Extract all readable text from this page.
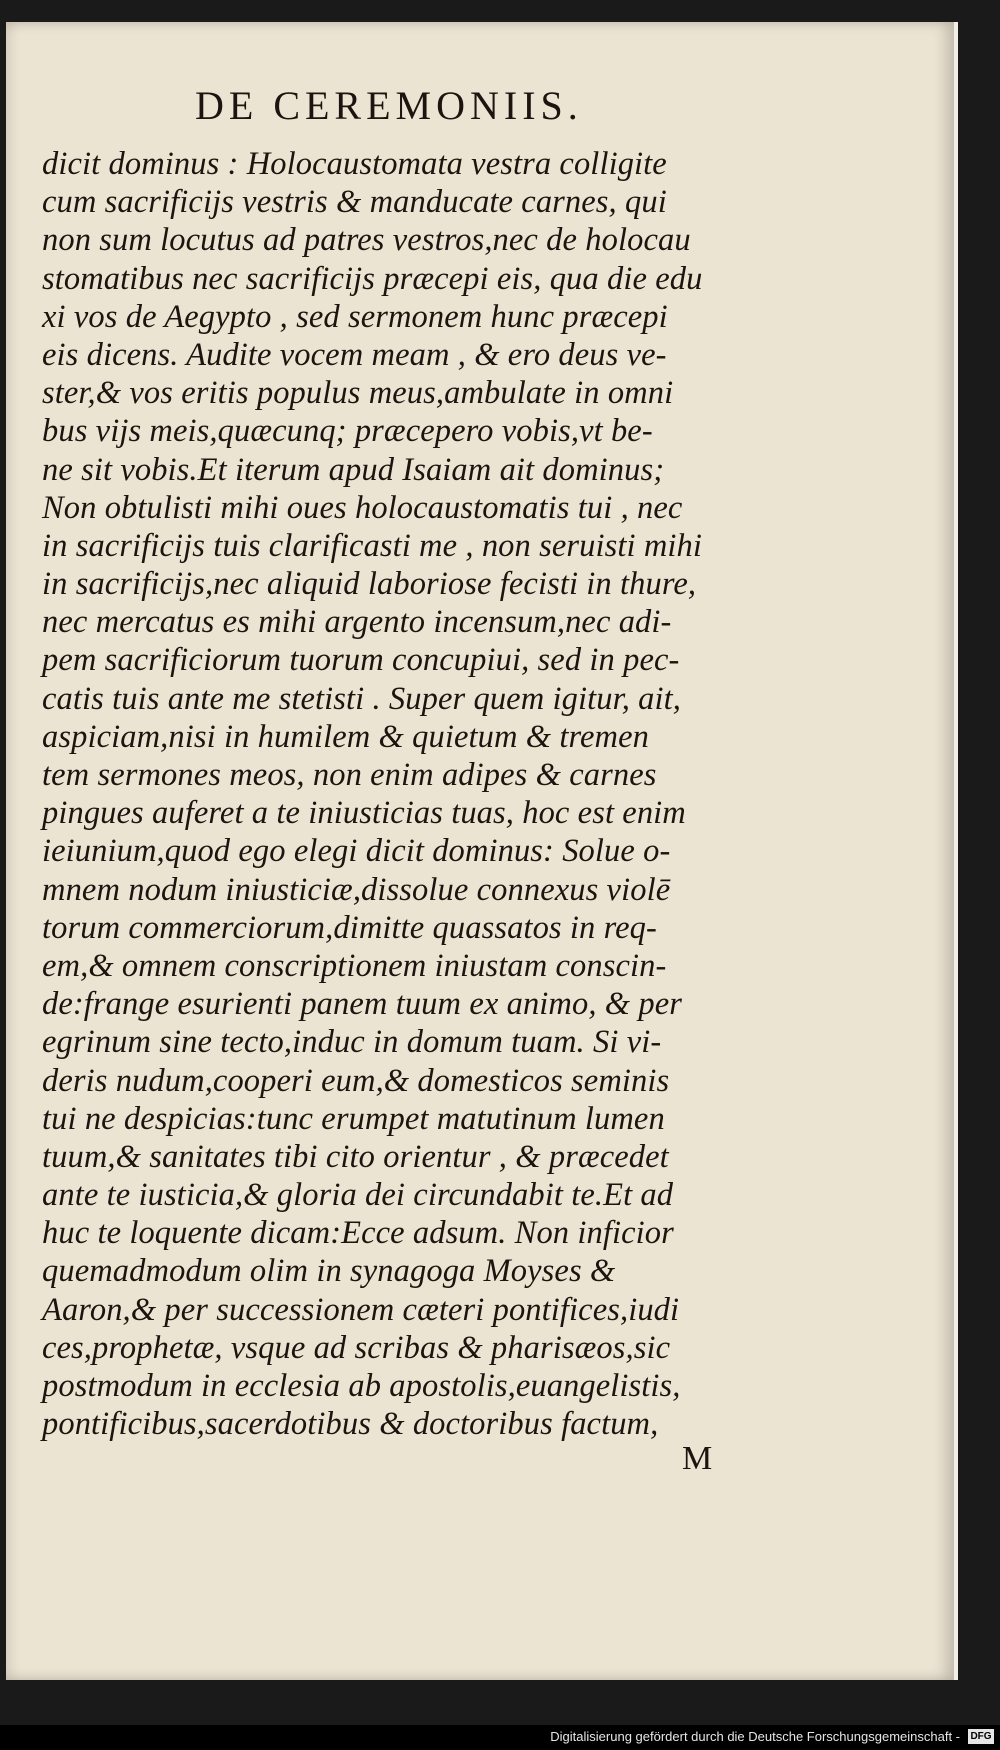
DE CEREMONIIS.
dicit dominus : Holocaustomata vestra colligite
cum sacrificijs vestris & manducate carnes, qui
non sum locutus ad patres vestros,nec de holocau
stomatibus nec sacrificijs præcepi eis, qua die edu
xi vos de Aegypto , sed sermonem hunc præcepi
eis dicens. Audite vocem meam , & ero deus ve-
ster,& vos eritis populus meus,ambulate in omni
bus vijs meis,quæcunq; præcepero vobis,vt be-
ne sit vobis.Et iterum apud Isaiam ait dominus;
Non obtulisti mihi oues holocaustomatis tui , nec
in sacrificijs tuis clarificasti me , non seruisti mihi
in sacrificijs,nec aliquid laboriose fecisti in thure,
nec mercatus es mihi argento incensum,nec adi-
pem sacrificiorum tuorum concupiui, sed in pec-
catis tuis ante me stetisti . Super quem igitur, ait,
aspiciam,nisi in humilem & quietum & tremen
tem sermones meos, non enim adipes & carnes
pingues auferet a te iniusticias tuas, hoc est enim
ieiunium,quod ego elegi dicit dominus: Solue o-
mnem nodum iniusticiæ,dissolue connexus violē
torum commerciorum,dimitte quassatos in req-
em,& omnem conscriptionem iniustam conscin-
de:frange esurienti panem tuum ex animo, & per
egrinum sine tecto,induc in domum tuam. Si vi-
deris nudum,cooperi eum,& domesticos seminis
tui ne despicias:tunc erumpet matutinum lumen
tuum,& sanitates tibi cito orientur , & præcedet
ante te iusticia,& gloria dei circundabit te.Et ad
huc te loquente dicam:Ecce adsum. Non inficior
quemadmodum olim in synagoga Moyses &
Aaron,& per successionem cæteri pontifices,iudi
ces,prophetæ, vsque ad scribas & pharisæos,sic
postmodum in ecclesia ab apostolis,euangelistis,
pontificibus,sacerdotibus & doctoribus factum,
M
Digitalisierung gefördert durch die Deutsche Forschungsgemeinschaft - DFG
